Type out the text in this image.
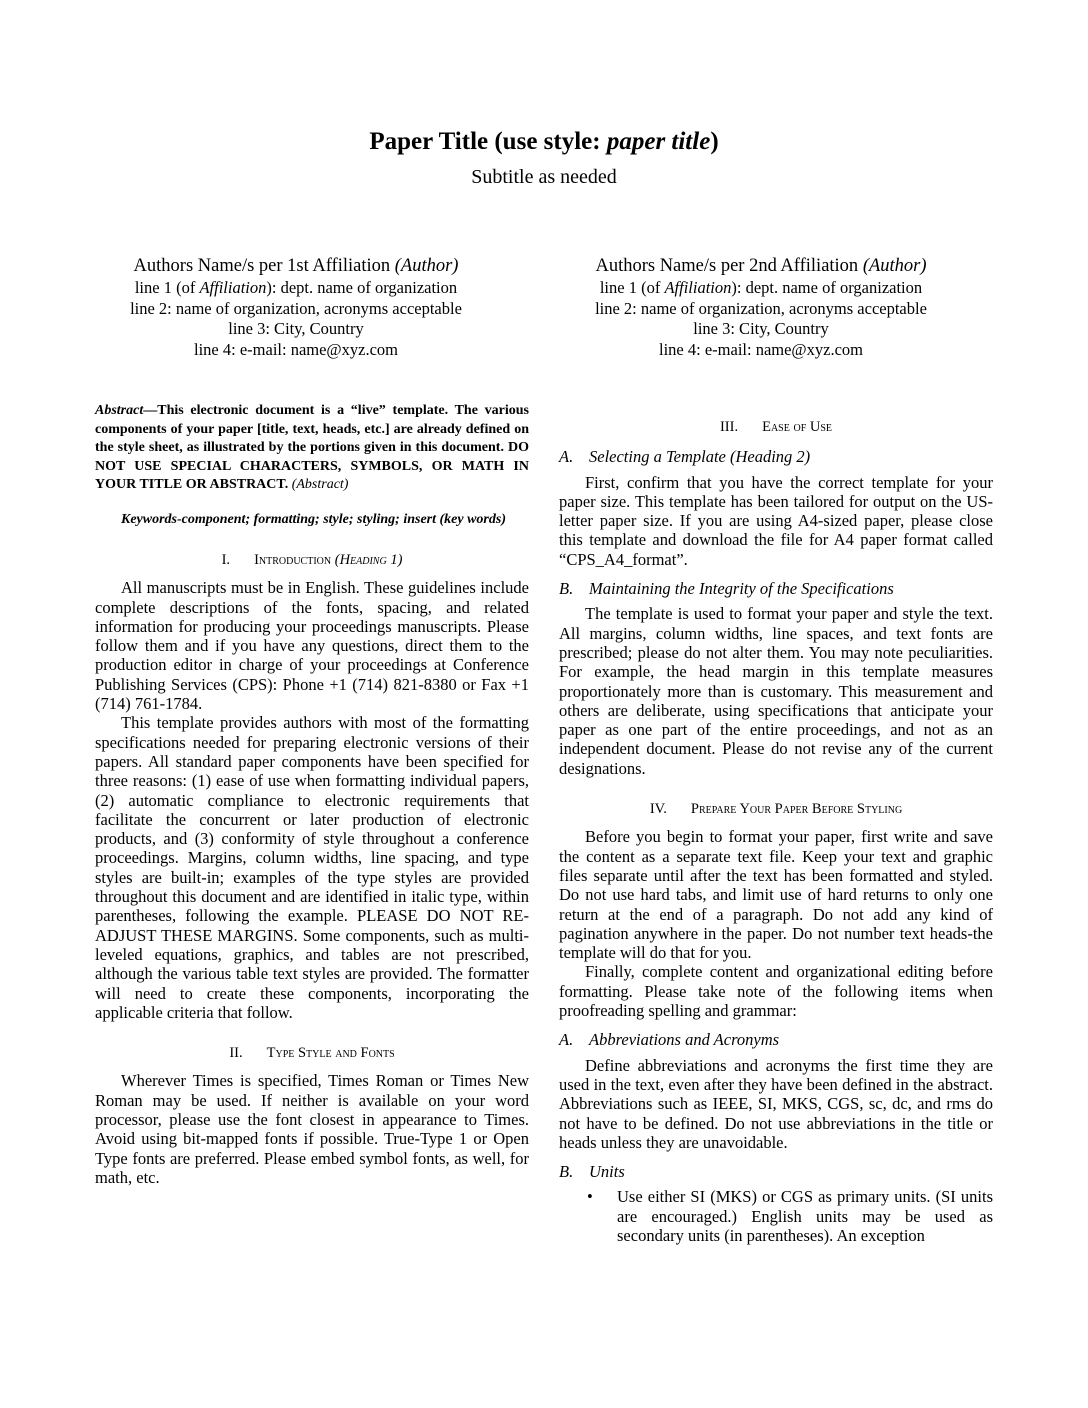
Paper Title (use style: paper title)
Subtitle as needed
Authors Name/s per 1st Affiliation (Author)
line 1 (of Affiliation): dept. name of organization
line 2: name of organization, acronyms acceptable
line 3: City, Country
line 4: e-mail: name@xyz.com
Authors Name/s per 2nd Affiliation (Author)
line 1 (of Affiliation): dept. name of organization
line 2: name of organization, acronyms acceptable
line 3: City, Country
line 4: e-mail: name@xyz.com
Abstract—This electronic document is a “live” template. The various components of your paper [title, text, heads, etc.] are already defined on the style sheet, as illustrated by the portions given in this document. DO NOT USE SPECIAL CHARACTERS, SYMBOLS, OR MATH IN YOUR TITLE OR ABSTRACT. (Abstract)
Keywords-component; formatting; style; styling; insert (key words)
I. Introduction (Heading 1)

All manuscripts must be in English. These guidelines include complete descriptions of the fonts, spacing, and related information for producing your proceedings manuscripts. Please follow them and if you have any questions, direct them to the production editor in charge of your proceedings at Conference Publishing Services (CPS): Phone +1 (714) 821-8380 or Fax +1 (714) 761-1784.

This template provides authors with most of the formatting specifications needed for preparing electronic versions of their papers. All standard paper components have been specified for three reasons: (1) ease of use when formatting individual papers, (2) automatic compliance to electronic requirements that facilitate the concurrent or later production of electronic products, and (3) conformity of style throughout a conference proceedings. Margins, column widths, line spacing, and type styles are built-in; examples of the type styles are provided throughout this document and are identified in italic type, within parentheses, following the example. PLEASE DO NOT RE-ADJUST THESE MARGINS. Some components, such as multi-leveled equations, graphics, and tables are not prescribed, although the various table text styles are provided. The formatter will need to create these components, incorporating the applicable criteria that follow.

II. Type Style and Fonts

Wherever Times is specified, Times Roman or Times New Roman may be used. If neither is available on your word processor, please use the font closest in appearance to Times. Avoid using bit-mapped fonts if possible. True-Type 1 or Open Type fonts are preferred. Please embed symbol fonts, as well, for math, etc.

III. Ease of Use
A. Selecting a Template (Heading 2)

First, confirm that you have the correct template for your paper size. This template has been tailored for output on the US-letter paper size. If you are using A4-sized paper, please close this template and download the file for A4 paper format called “CPS_A4_format”.

B. Maintaining the Integrity of the Specifications

The template is used to format your paper and style the text. All margins, column widths, line spaces, and text fonts are prescribed; please do not alter them. You may note peculiarities. For example, the head margin in this template measures proportionately more than is customary. This measurement and others are deliberate, using specifications that anticipate your paper as one part of the entire proceedings, and not as an independent document. Please do not revise any of the current designations.

IV. Prepare Your Paper Before Styling

Before you begin to format your paper, first write and save the content as a separate text file. Keep your text and graphic files separate until after the text has been formatted and styled. Do not use hard tabs, and limit use of hard returns to only one return at the end of a paragraph. Do not add any kind of pagination anywhere in the paper. Do not number text heads-the template will do that for you.

Finally, complete content and organizational editing before formatting. Please take note of the following items when proofreading spelling and grammar:

A. Abbreviations and Acronyms

Define abbreviations and acronyms the first time they are used in the text, even after they have been defined in the abstract. Abbreviations such as IEEE, SI, MKS, CGS, sc, dc, and rms do not have to be defined. Do not use abbreviations in the title or heads unless they are unavoidable.

B. Units
• Use either SI (MKS) or CGS as primary units. (SI units are encouraged.) English units may be used as secondary units (in parentheses). An exception
